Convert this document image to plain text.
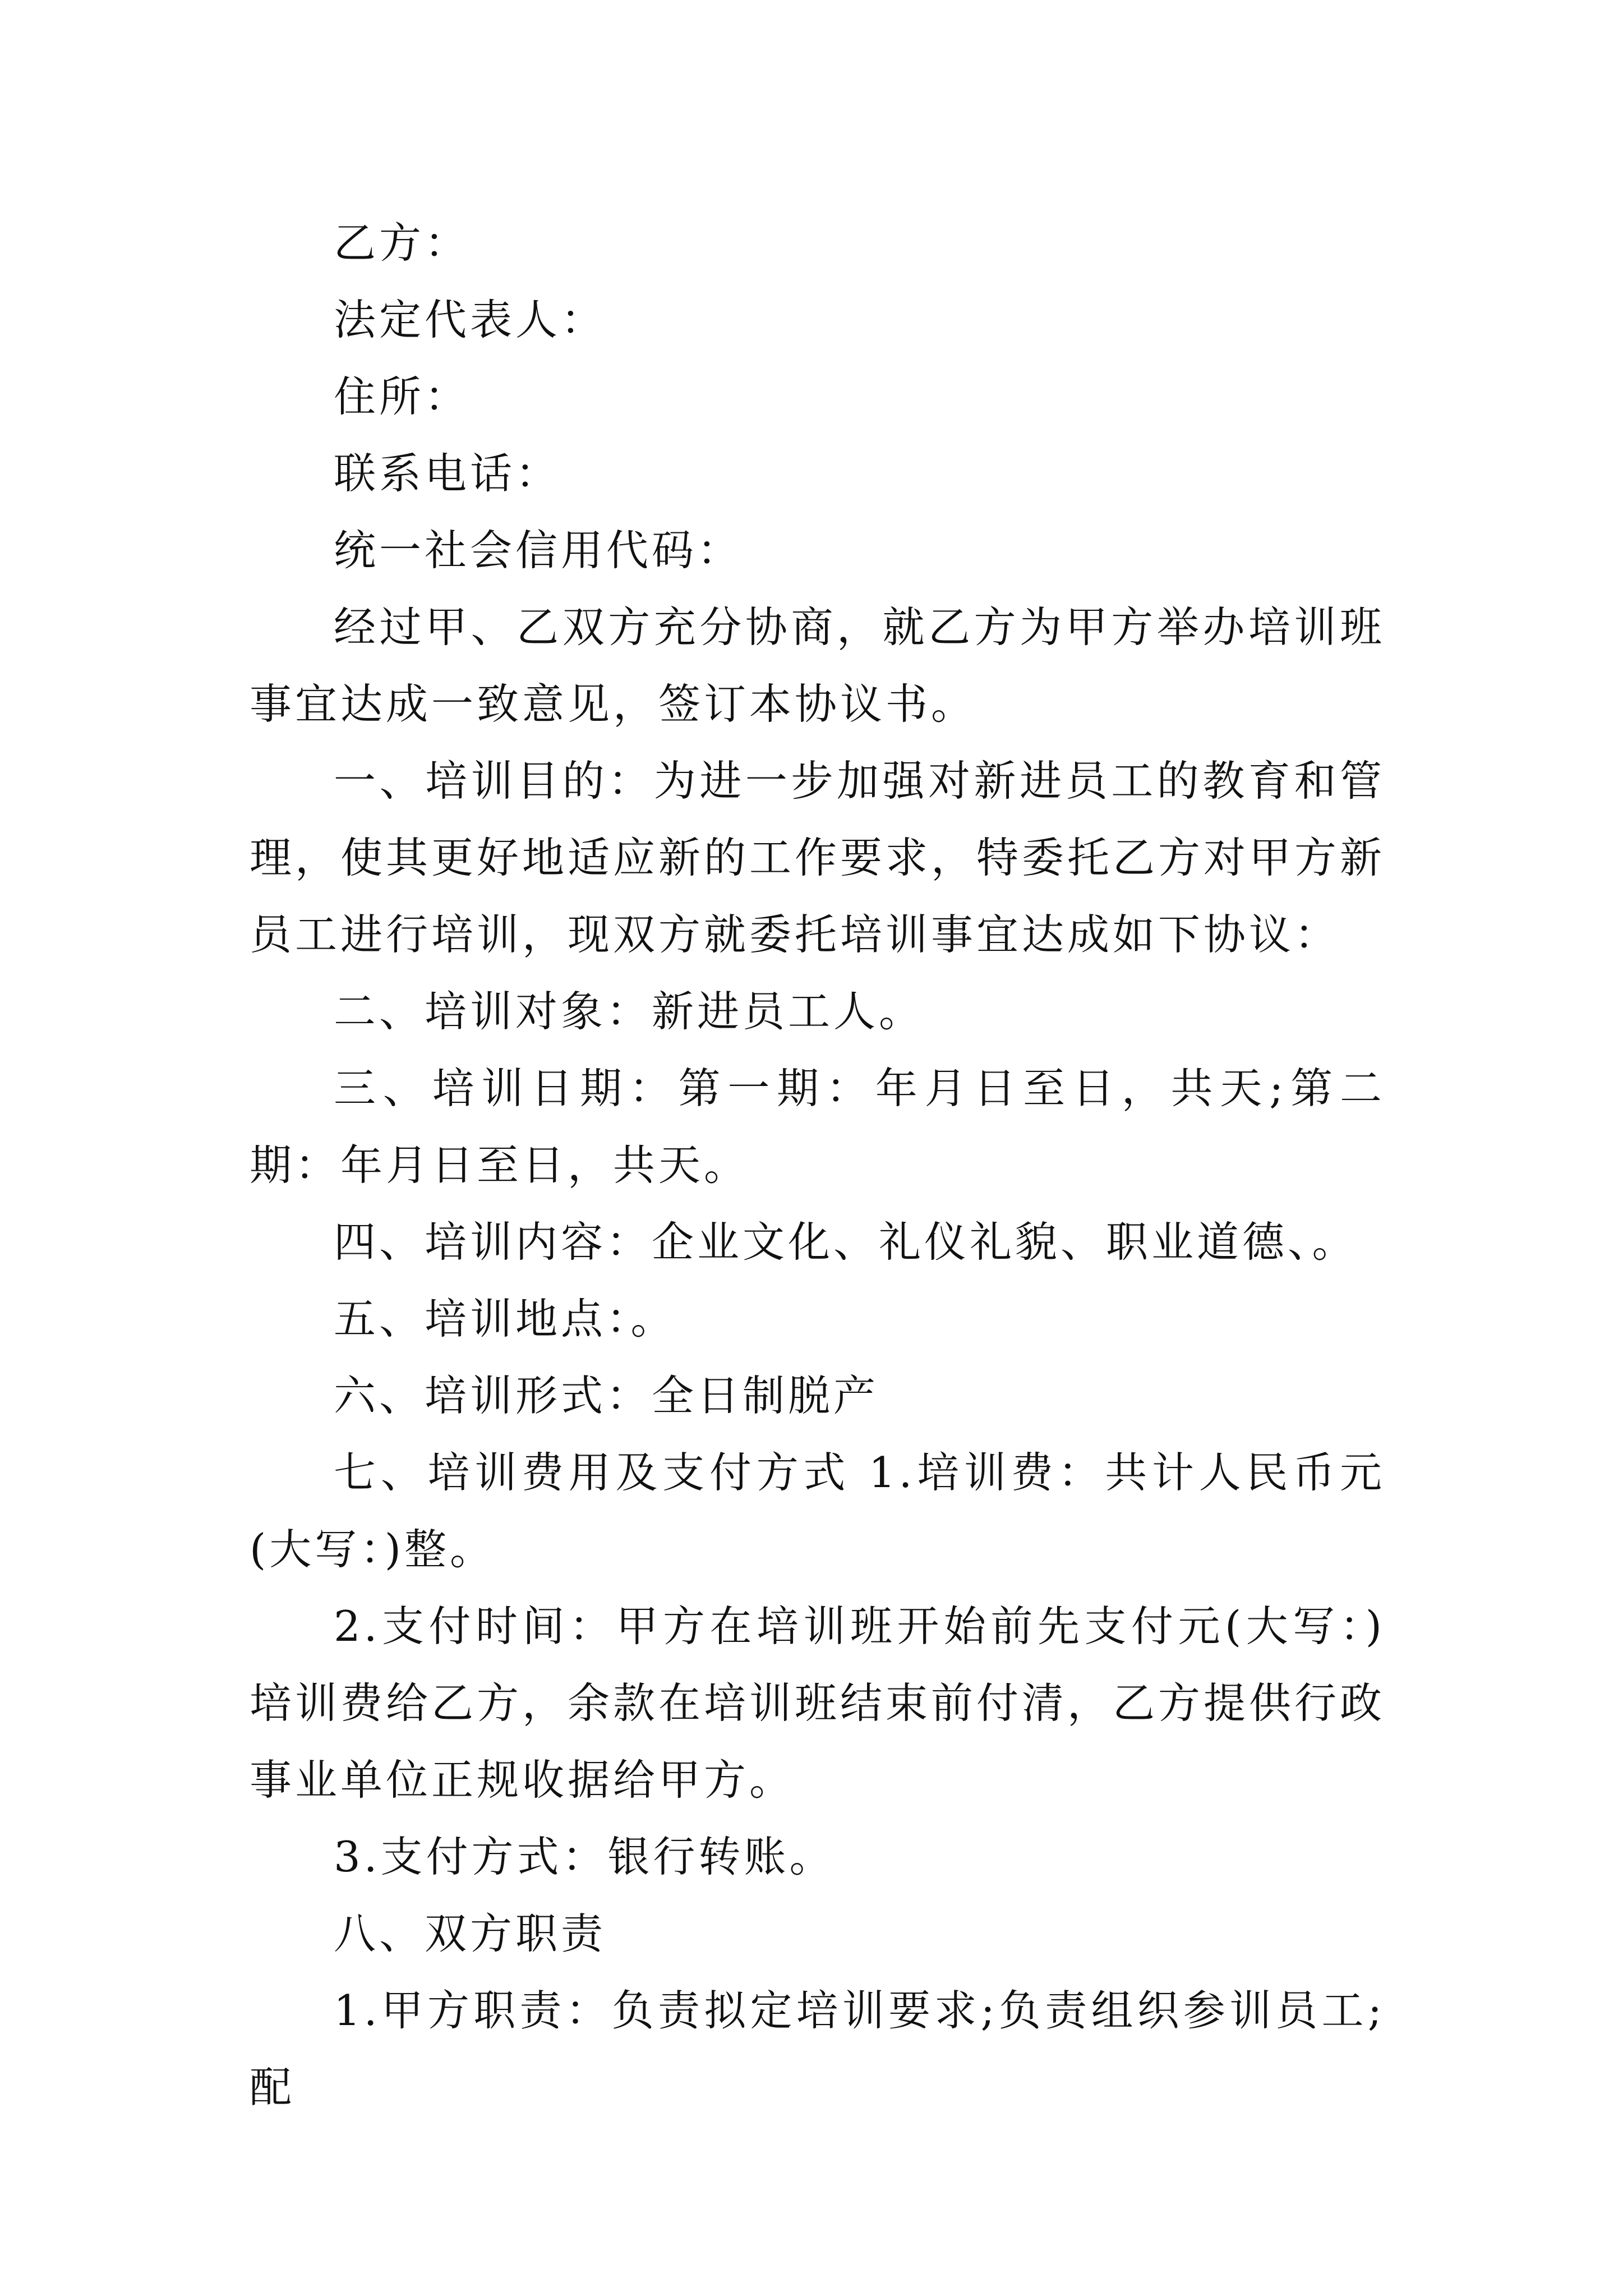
乙方：

法定代表人：

住所：

联系电话：

统一社会信用代码：

经过甲、乙双方充分协商，就乙方为甲方举办培训班事宜达成一致意见，签订本协议书。

一、培训目的：为进一步加强对新进员工的教育和管理，使其更好地适应新的工作要求，特委托乙方对甲方新员工进行培训，现双方就委托培训事宜达成如下协议：

二、培训对象：新进员工人。

三、培训日期：第一期：年月日至日，共天;第二期：年月日至日，共天。

四、培训内容：企业文化、礼仪礼貌、职业道德、。

五、培训地点：。

六、培训形式：全日制脱产

七、培训费用及支付方式 1.培训费：共计人民币元(大写：)整。

2.支付时间：甲方在培训班开始前先支付元(大写：)培训费给乙方，余款在培训班结束前付清，乙方提供行政事业单位正规收据给甲方。

3.支付方式：银行转账。

八、双方职责

1.甲方职责：负责拟定培训要求;负责组织参训员工;配
